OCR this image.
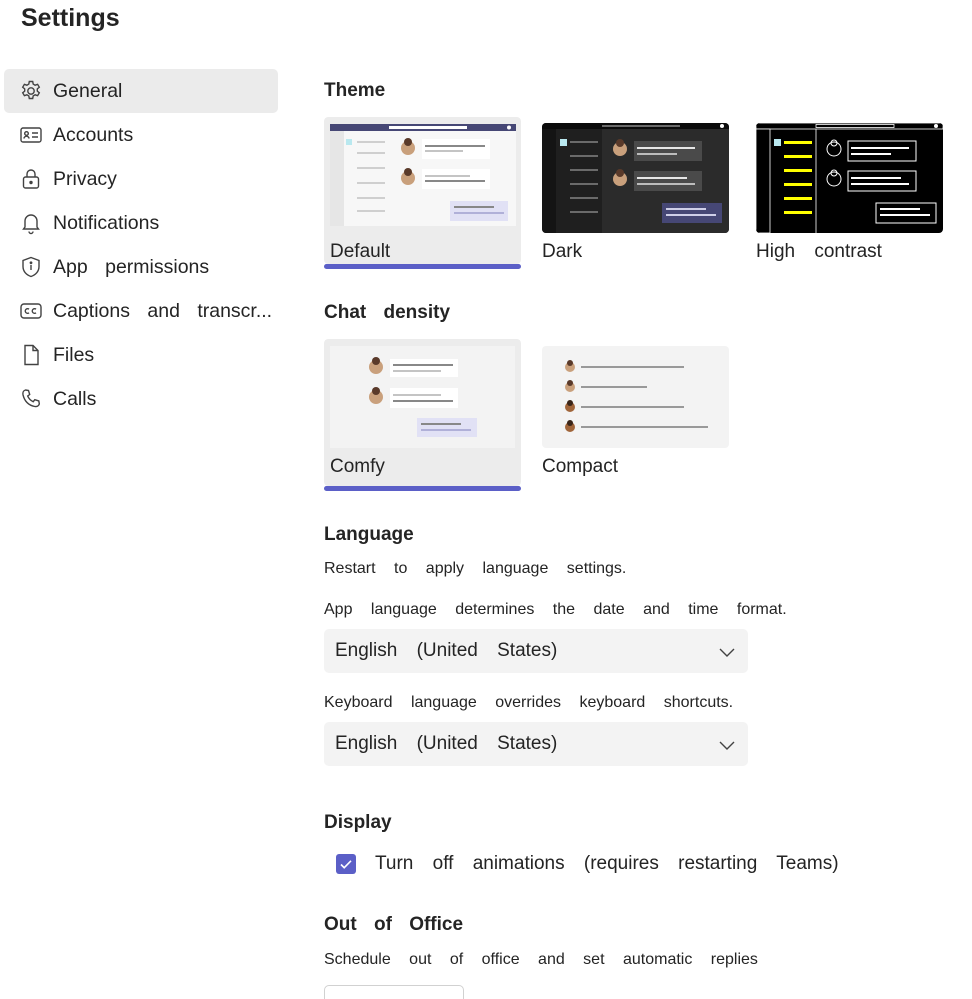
Settings
General
Accounts
Privacy
Notifications
App permissions
Captions and transcr...
Files
Calls
Theme
Default	Dark	High contrast
Chat density
Comfy	Compact
Language
Restart to apply language settings.
App language determines the date and time format.
English (United States)
Keyboard language overrides keyboard shortcuts.
English (United States)
Display
Turn off animations (requires restarting Teams)
Out of Office
Schedule out of office and set automatic replies
